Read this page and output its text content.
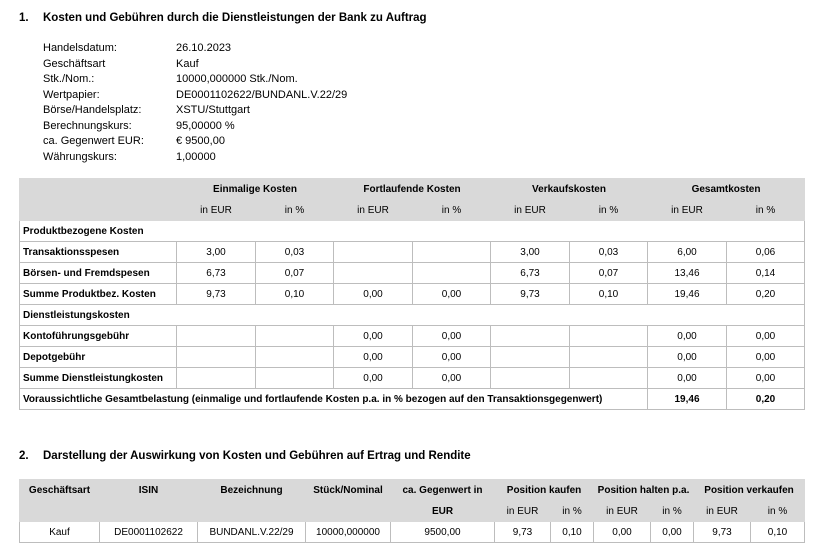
1. Kosten und Gebühren durch die Dienstleistungen der Bank zu Auftrag
Handelsdatum:	26.10.2023
Geschäftsart	Kauf
Stk./Nom.:	10000,000000 Stk./Nom.
Wertpapier:	DE0001102622/BUNDANL.V.22/29
Börse/Handelsplatz:	XSTU/Stuttgart
Berechnungskurs:	95,00000 %
ca. Gegenwert EUR:	€ 9500,00
Währungskurs:	1,00000
	Einmalige Kosten		Fortlaufende Kosten		Verkaufskosten		Gesamtkosten	
	in EUR	in %	in EUR	in %	in EUR	in %	in EUR	in %
Produktbezogene Kosten								
Transaktionsspesen	3,00	0,03			3,00	0,03	6,00	0,06
Börsen- und Fremdspesen	6,73	0,07			6,73	0,07	13,46	0,14
Summe Produktbez. Kosten	9,73	0,10	0,00	0,00	9,73	0,10	19,46	0,20
Dienstleistungskosten								
Kontoführungsgebühr			0,00	0,00			0,00	0,00
Depotgebühr			0,00	0,00			0,00	0,00
Summe Dienstleistungkosten			0,00	0,00			0,00	0,00
Voraussichtliche Gesamtbelastung (einmalige und fortlaufende Kosten p.a. in % bezogen auf den Transaktionsgegenwert)							19,46	0,20
2. Darstellung der Auswirkung von Kosten und Gebühren auf Ertrag und Rendite
Geschäftsart	ISIN	Bezeichnung	Stück/Nominal	ca. Gegenwert in	Position kaufen		Position halten p.a.		Position verkaufen	
				EUR	in EUR	in %	in EUR	in %	in EUR	in %
Kauf	DE0001102622	BUNDANL.V.22/29	10000,000000	9500,00	9,73	0,10	0,00	0,00	9,73	0,10
